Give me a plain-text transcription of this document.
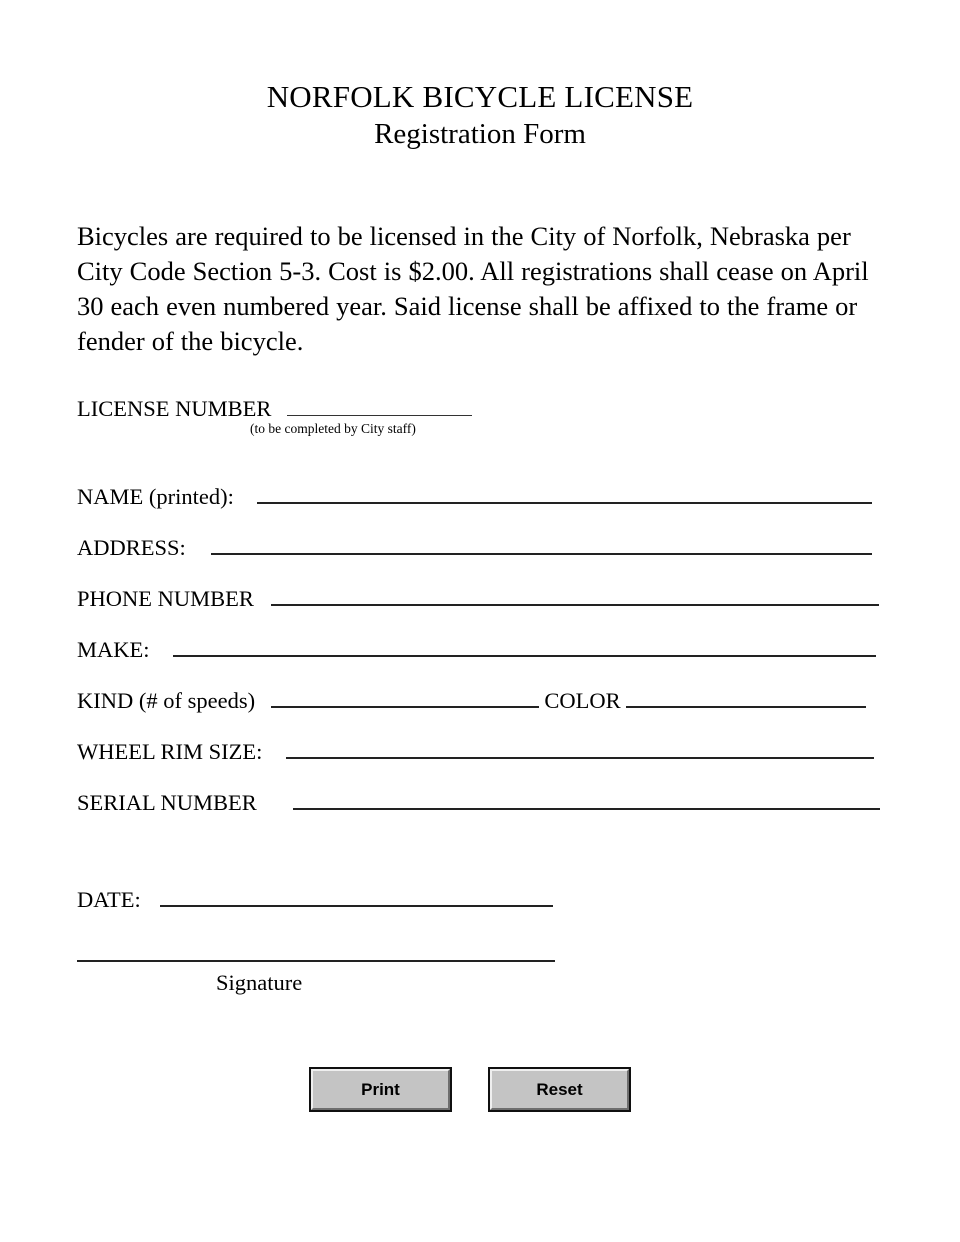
NORFOLK BICYCLE LICENSE
Registration Form

Bicycles are required to be licensed in the City of Norfolk, Nebraska per City Code Section 5-3. Cost is $2.00. All registrations shall cease on April 30 each even numbered year. Said license shall be affixed to the frame or fender of the bicycle.

LICENSE NUMBER
(to be completed by City staff)
NAME (printed):
ADDRESS:
PHONE NUMBER
MAKE:
KIND (# of speeds)	COLOR
WHEEL RIM SIZE:
SERIAL NUMBER
DATE:
Signature
Print	Reset
